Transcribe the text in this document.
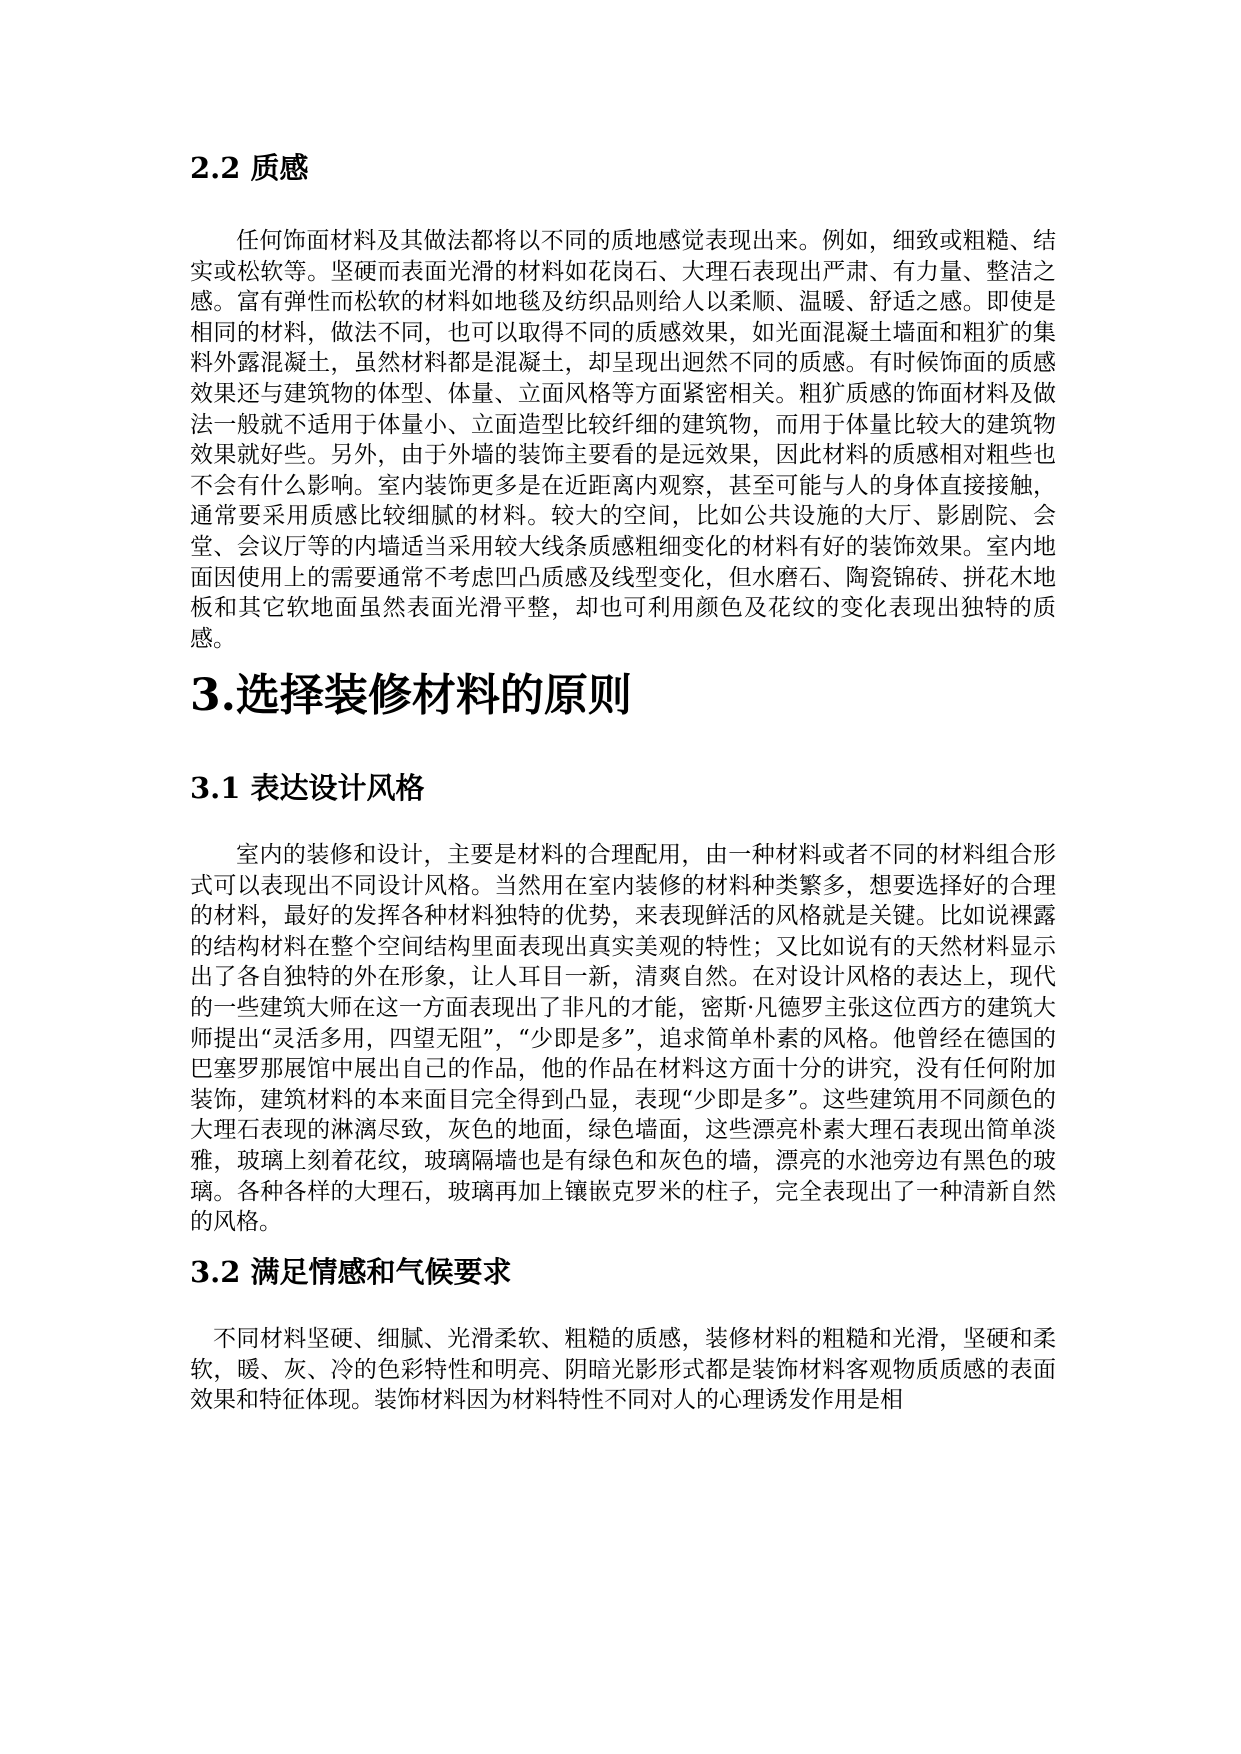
2.2 质感

任何饰面材料及其做法都将以不同的质地感觉表现出来。例如，细致或粗糙、结实或松软等。坚硬而表面光滑的材料如花岗石、大理石表现出严肃、有力量、整洁之感。富有弹性而松软的材料如地毯及纺织品则给人以柔顺、温暖、舒适之感。即使是相同的材料，做法不同，也可以取得不同的质感效果，如光面混凝土墙面和粗犷的集料外露混凝土，虽然材料都是混凝土，却呈现出迥然不同的质感。有时候饰面的质感效果还与建筑物的体型、体量、立面风格等方面紧密相关。粗犷质感的饰面材料及做法一般就不适用于体量小、立面造型比较纤细的建筑物，而用于体量比较大的建筑物效果就好些。另外，由于外墙的装饰主要看的是远效果，因此材料的质感相对粗些也不会有什么影响。室内装饰更多是在近距离内观察，甚至可能与人的身体直接接触，通常要采用质感比较细腻的材料。较大的空间，比如公共设施的大厅、影剧院、会堂、会议厅等的内墙适当采用较大线条质感粗细变化的材料有好的装饰效果。室内地面因使用上的需要通常不考虑凹凸质感及线型变化，但水磨石、陶瓷锦砖、拼花木地板和其它软地面虽然表面光滑平整，却也可利用颜色及花纹的变化表现出独特的质感。

3.选择装修材料的原则
3.1 表达设计风格

室内的装修和设计，主要是材料的合理配用，由一种材料或者不同的材料组合形式可以表现出不同设计风格。当然用在室内装修的材料种类繁多，想要选择好的合理的材料，最好的发挥各种材料独特的优势，来表现鲜活的风格就是关键。比如说裸露的结构材料在整个空间结构里面表现出真实美观的特性；又比如说有的天然材料显示出了各自独特的外在形象，让人耳目一新，清爽自然。在对设计风格的表达上，现代的一些建筑大师在这一方面表现出了非凡的才能，密斯·凡德罗主张这位西方的建筑大师提出“灵活多用，四望无阻”，“少即是多”，追求简单朴素的风格。他曾经在德国的巴塞罗那展馆中展出自己的作品，他的作品在材料这方面十分的讲究，没有任何附加装饰，建筑材料的本来面目完全得到凸显，表现“少即是多”。这些建筑用不同颜色的大理石表现的淋漓尽致，灰色的地面，绿色墙面，这些漂亮朴素大理石表现出简单淡雅，玻璃上刻着花纹，玻璃隔墙也是有绿色和灰色的墙，漂亮的水池旁边有黑色的玻璃。各种各样的大理石，玻璃再加上镶嵌克罗米的柱子，完全表现出了一种清新自然的风格。

3.2 满足情感和气候要求

不同材料坚硬、细腻、光滑柔软、粗糙的质感，装修材料的粗糙和光滑，坚硬和柔软，暖、灰、冷的色彩特性和明亮、阴暗光影形式都是装饰材料客观物质质感的表面效果和特征体现。装饰材料因为材料特性不同对人的心理诱发作用是相
